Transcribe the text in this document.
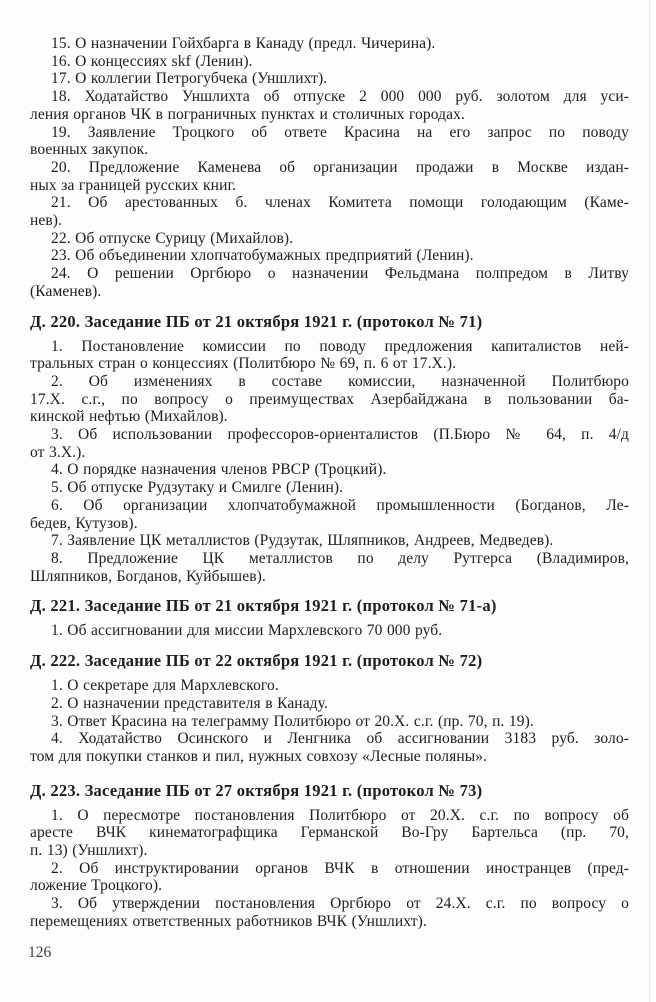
15. О назначении Гойхбарга в Канаду (предл. Чичерина).
16. О концессиях skf (Ленин).
17. О коллегии Петрогубчека (Уншлихт).
18. Ходатайство Уншлихта об отпуске 2 000 000 руб. золотом для уси-
ления органов ЧК в пограничных пунктах и столичных городах.
19. Заявление Троцкого об ответе Красина на его запрос по поводу
военных закупок.
20. Предложение Каменева об организации продажи в Москве издан-
ных за границей русских книг.
21. Об арестованных б. членах Комитета помощи голодающим (Каме-
нев).
22. Об отпуске Сурицу (Михайлов).
23. Об объединении хлопчатобумажных предприятий (Ленин).
24. О решении Оргбюро о назначении Фельдмана полпредом в Литву
(Каменев).
Д. 220. Заседание ПБ от 21 октября 1921 г. (протокол № 71)
1. Постановление комиссии по поводу предложения капиталистов ней-
тральных стран о концессиях (Политбюро № 69, п. 6 от 17.X.).
2. Об изменениях в составе комиссии, назначенной Политбюро
17.X. с.г., по вопросу о преимуществах Азербайджана в пользовании ба-
кинской нефтью (Михайлов).
3. Об использовании профессоров-ориенталистов (П.Бюро № 64, п. 4/д
от 3.X.).
4. О порядке назначения членов РВСР (Троцкий).
5. Об отпуске Рудзутаку и Смилге (Ленин).
6. Об организации хлопчатобумажной промышленности (Богданов, Ле-
бедев, Кутузов).
7. Заявление ЦК металлистов (Рудзутак, Шляпников, Андреев, Медведев).
8. Предложение ЦК металлистов по делу Рутгерса (Владимиров,
Шляпников, Богданов, Куйбышев).
Д. 221. Заседание ПБ от 21 октября 1921 г. (протокол № 71-а)
1. Об ассигновании для миссии Мархлевского 70 000 руб.
Д. 222. Заседание ПБ от 22 октября 1921 г. (протокол № 72)
1. О секретаре для Мархлевского.
2. О назначении представителя в Канаду.
3. Ответ Красина на телеграмму Политбюро от 20.X. с.г. (пр. 70, п. 19).
4. Ходатайство Осинского и Ленгника об ассигновании 3183 руб. золо-
том для покупки станков и пил, нужных совхозу «Лесные поляны».
Д. 223. Заседание ПБ от 27 октября 1921 г. (протокол № 73)
1. О пересмотре постановления Политбюро от 20.X. с.г. по вопросу об
аресте ВЧК кинематографщика Германской Во-Гру Бартельса (пр. 70,
п. 13) (Уншлихт).
2. Об инструктировании органов ВЧК в отношении иностранцев (пред-
ложение Троцкого).
3. Об утверждении постановления Оргбюро от 24.X. с.г. по вопросу о
перемещениях ответственных работников ВЧК (Уншлихт).
126
